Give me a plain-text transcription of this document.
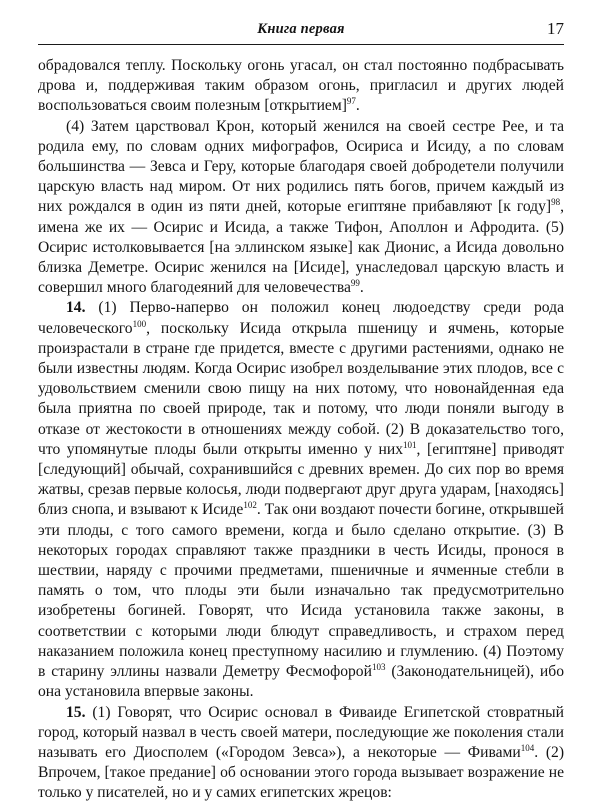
Книга первая	17

обрадовался теплу. Поскольку огонь угасал, он стал постоянно подбрасывать дрова и, поддерживая таким образом огонь, пригласил и других людей воспользоваться своим полезным [открытием]$^{97}$.

(4) Затем царствовал Крон, который женился на своей сестре Рее, и та родила ему, по словам одних мифографов, Осириса и Исиду, а по словам большинства — Зевса и Геру, которые благодаря своей добродетели получили царскую власть над миром. От них родились пять богов, причем каждый из них рождался в один из пяти дней, которые египтяне прибавляют [к году]$^{98}$, имена же их — Осирис и Исида, а также Тифон, Аполлон и Афродита. (5) Осирис истолковывается [на эллинском языке] как Дионис, а Исида довольно близка Деметре. Осирис женился на [Исиде], унаследовал царскую власть и совершил много благодеяний для человечества$^{99}$.

14. (1) Перво-наперво он положил конец людоедству среди рода человеческого$^{100}$, поскольку Исида открыла пшеницу и ячмень, которые произрастали в стране где придется, вместе с другими растениями, однако не были известны людям. Когда Осирис изобрел возделывание этих плодов, все с удовольствием сменили свою пищу на них потому, что новонайденная еда была приятна по своей природе, так и потому, что люди поняли выгоду в отказе от жестокости в отношениях между собой. (2) В доказательство того, что упомянутые плоды были открыты именно у них$^{101}$, [египтяне] приводят [следующий] обычай, сохранившийся с древних времен. До сих пор во время жатвы, срезав первые колосья, люди подвергают друг друга ударам, [находясь] близ снопа, и взывают к Исиде$^{102}$. Так они воздают почести богине, открывшей эти плоды, с того самого времени, когда и было сделано открытие. (3) В некоторых городах справляют также праздники в честь Исиды, пронося в шествии, наряду с прочими предметами, пшеничные и ячменные стебли в память о том, что плоды эти были изначально так предусмотрительно изобретены богиней. Говорят, что Исида установила также законы, в соответствии с которыми люди блюдут справедливость, и страхом перед наказанием положила конец преступному насилию и глумлению. (4) Поэтому в старину эллины назвали Деметру Фесмофорой$^{103}$ (Законодательницей), ибо она установила впервые законы.

15. (1) Говорят, что Осирис основал в Фиваиде Египетской стовратный город, который назвал в честь своей матери, последующие же поколения стали называть его Диосполем («Городом Зевса»), а некоторые — Фивами$^{104}$. (2) Впрочем, [такое предание] об основании этого города вызывает возражение не только у писателей, но и у самих египетских жрецов:
